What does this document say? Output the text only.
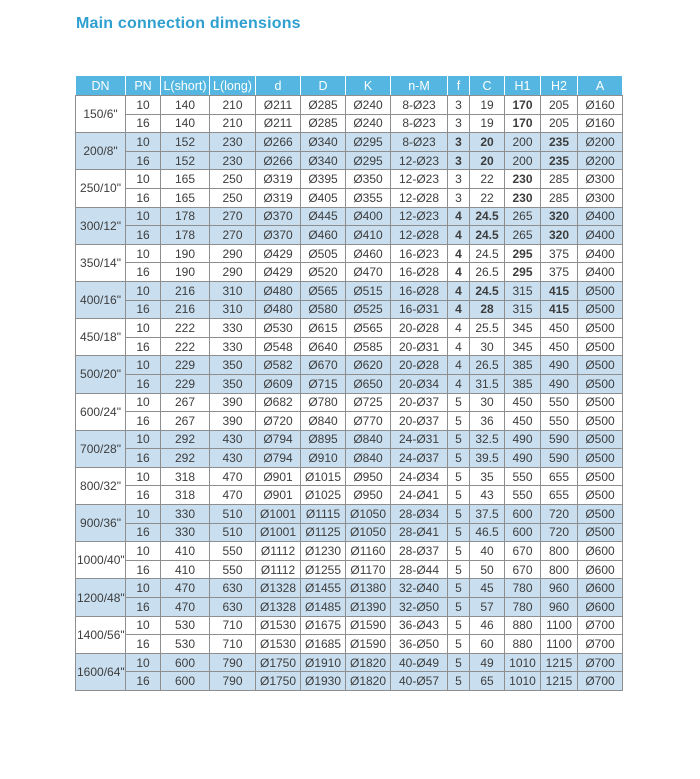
Main connection dimensions
DN	PN	L(short)	L(long)	d	D	K	n-M	f	C	H1	H2	A
150/6"	10	140	210	Ø211	Ø285	Ø240	8-Ø23	3	19	170	205	Ø160
	16	140	210	Ø211	Ø285	Ø240	8-Ø23	3	19	170	205	Ø160
200/8"	10	152	230	Ø266	Ø340	Ø295	8-Ø23	3	20	200	235	Ø200
	16	152	230	Ø266	Ø340	Ø295	12-Ø23	3	20	200	235	Ø200
250/10"	10	165	250	Ø319	Ø395	Ø350	12-Ø23	3	22	230	285	Ø300
	16	165	250	Ø319	Ø405	Ø355	12-Ø28	3	22	230	285	Ø300
300/12"	10	178	270	Ø370	Ø445	Ø400	12-Ø23	4	24.5	265	320	Ø400
	16	178	270	Ø370	Ø460	Ø410	12-Ø28	4	24.5	265	320	Ø400
350/14"	10	190	290	Ø429	Ø505	Ø460	16-Ø23	4	24.5	295	375	Ø400
	16	190	290	Ø429	Ø520	Ø470	16-Ø28	4	26.5	295	375	Ø400
400/16"	10	216	310	Ø480	Ø565	Ø515	16-Ø28	4	24.5	315	415	Ø500
	16	216	310	Ø480	Ø580	Ø525	16-Ø31	4	28	315	415	Ø500
450/18"	10	222	330	Ø530	Ø615	Ø565	20-Ø28	4	25.5	345	450	Ø500
	16	222	330	Ø548	Ø640	Ø585	20-Ø31	4	30	345	450	Ø500
500/20"	10	229	350	Ø582	Ø670	Ø620	20-Ø28	4	26.5	385	490	Ø500
	16	229	350	Ø609	Ø715	Ø650	20-Ø34	4	31.5	385	490	Ø500
600/24"	10	267	390	Ø682	Ø780	Ø725	20-Ø37	5	30	450	550	Ø500
	16	267	390	Ø720	Ø840	Ø770	20-Ø37	5	36	450	550	Ø500
700/28"	10	292	430	Ø794	Ø895	Ø840	24-Ø31	5	32.5	490	590	Ø500
	16	292	430	Ø794	Ø910	Ø840	24-Ø37	5	39.5	490	590	Ø500
800/32"	10	318	470	Ø901	Ø1015	Ø950	24-Ø34	5	35	550	655	Ø500
	16	318	470	Ø901	Ø1025	Ø950	24-Ø41	5	43	550	655	Ø500
900/36"	10	330	510	Ø1001	Ø1115	Ø1050	28-Ø34	5	37.5	600	720	Ø500
	16	330	510	Ø1001	Ø1125	Ø1050	28-Ø41	5	46.5	600	720	Ø500
1000/40"	10	410	550	Ø1112	Ø1230	Ø1160	28-Ø37	5	40	670	800	Ø600
	16	410	550	Ø1112	Ø1255	Ø1170	28-Ø44	5	50	670	800	Ø600
1200/48"	10	470	630	Ø1328	Ø1455	Ø1380	32-Ø40	5	45	780	960	Ø600
	16	470	630	Ø1328	Ø1485	Ø1390	32-Ø50	5	57	780	960	Ø600
1400/56"	10	530	710	Ø1530	Ø1675	Ø1590	36-Ø43	5	46	880	1100	Ø700
	16	530	710	Ø1530	Ø1685	Ø1590	36-Ø50	5	60	880	1100	Ø700
1600/64"	10	600	790	Ø1750	Ø1910	Ø1820	40-Ø49	5	49	1010	1215	Ø700
	16	600	790	Ø1750	Ø1930	Ø1820	40-Ø57	5	65	1010	1215	Ø700
